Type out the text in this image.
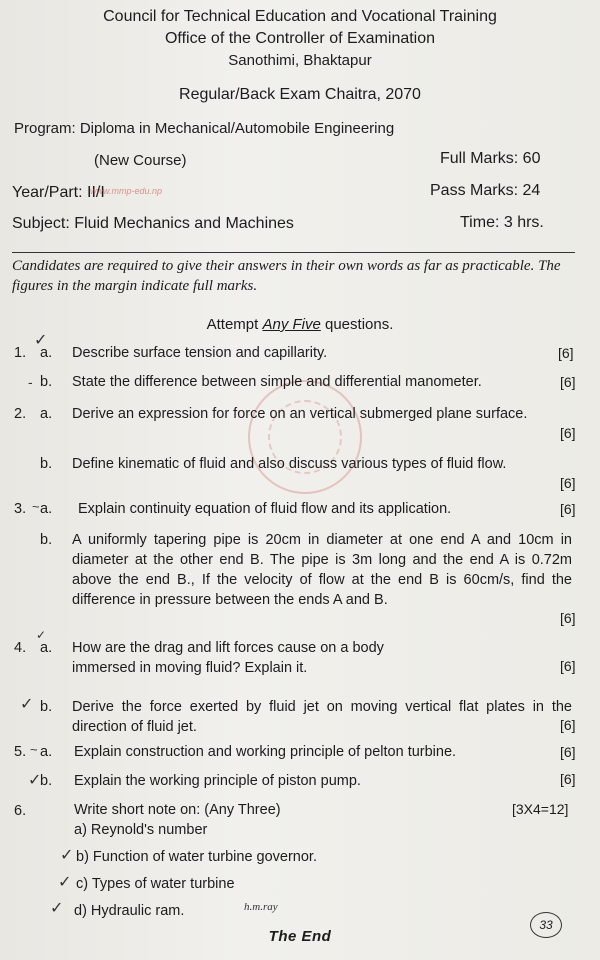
Council for Technical Education and Vocational Training
Office of the Controller of Examination
Sanothimi, Bhaktapur
Regular/Back Exam Chaitra, 2070
Program: Diploma in Mechanical/Automobile Engineering
(New Course)	Full Marks: 60
Year/Part: II/I
www.mmp-edu.np	Pass Marks: 24
Subject: Fluid Mechanics and Machines	Time: 3 hrs.
Candidates are required to give their answers in their own words as far as practicable. The figures in the margin indicate full marks.
Attempt Any Five questions.
✓
1. a. Describe surface tension and capillarity.	[6]
- b. State the difference between simple and differential manometer.	[6]
2. a. Derive an expression for force on an vertical submerged plane surface.
[6]
b. Define kinematic of fluid and also discuss various types of fluid flow.
[6]
3. ~ a. Explain continuity equation of fluid flow and its application.	[6]
b. A uniformly tapering pipe is 20cm in diameter at one end A and 10cm in diameter at the other end B. The pipe is 3m long and the end A is 0.72m above the end B., If the velocity of flow at the end B is 60cm/s, find the difference in pressure between the ends A and B.
[6]
✓
4. a. How are the drag and lift forces cause on a body
immersed in moving fluid? Explain it.	[6]
✓ b. Derive the force exerted by fluid jet on moving vertical flat plates in the direction of fluid jet.	[6]
5. ~ a. Explain construction and working principle of pelton turbine.	[6]
✓
b. Explain the working principle of piston pump.	[6]
6.	Write short note on: (Any Three)	[3X4=12]
a) Reynold's number
✓ b) Function of water turbine governor.
✓ c) Types of water turbine
✓ d) Hydraulic ram.	h.m.ray
The End
33
